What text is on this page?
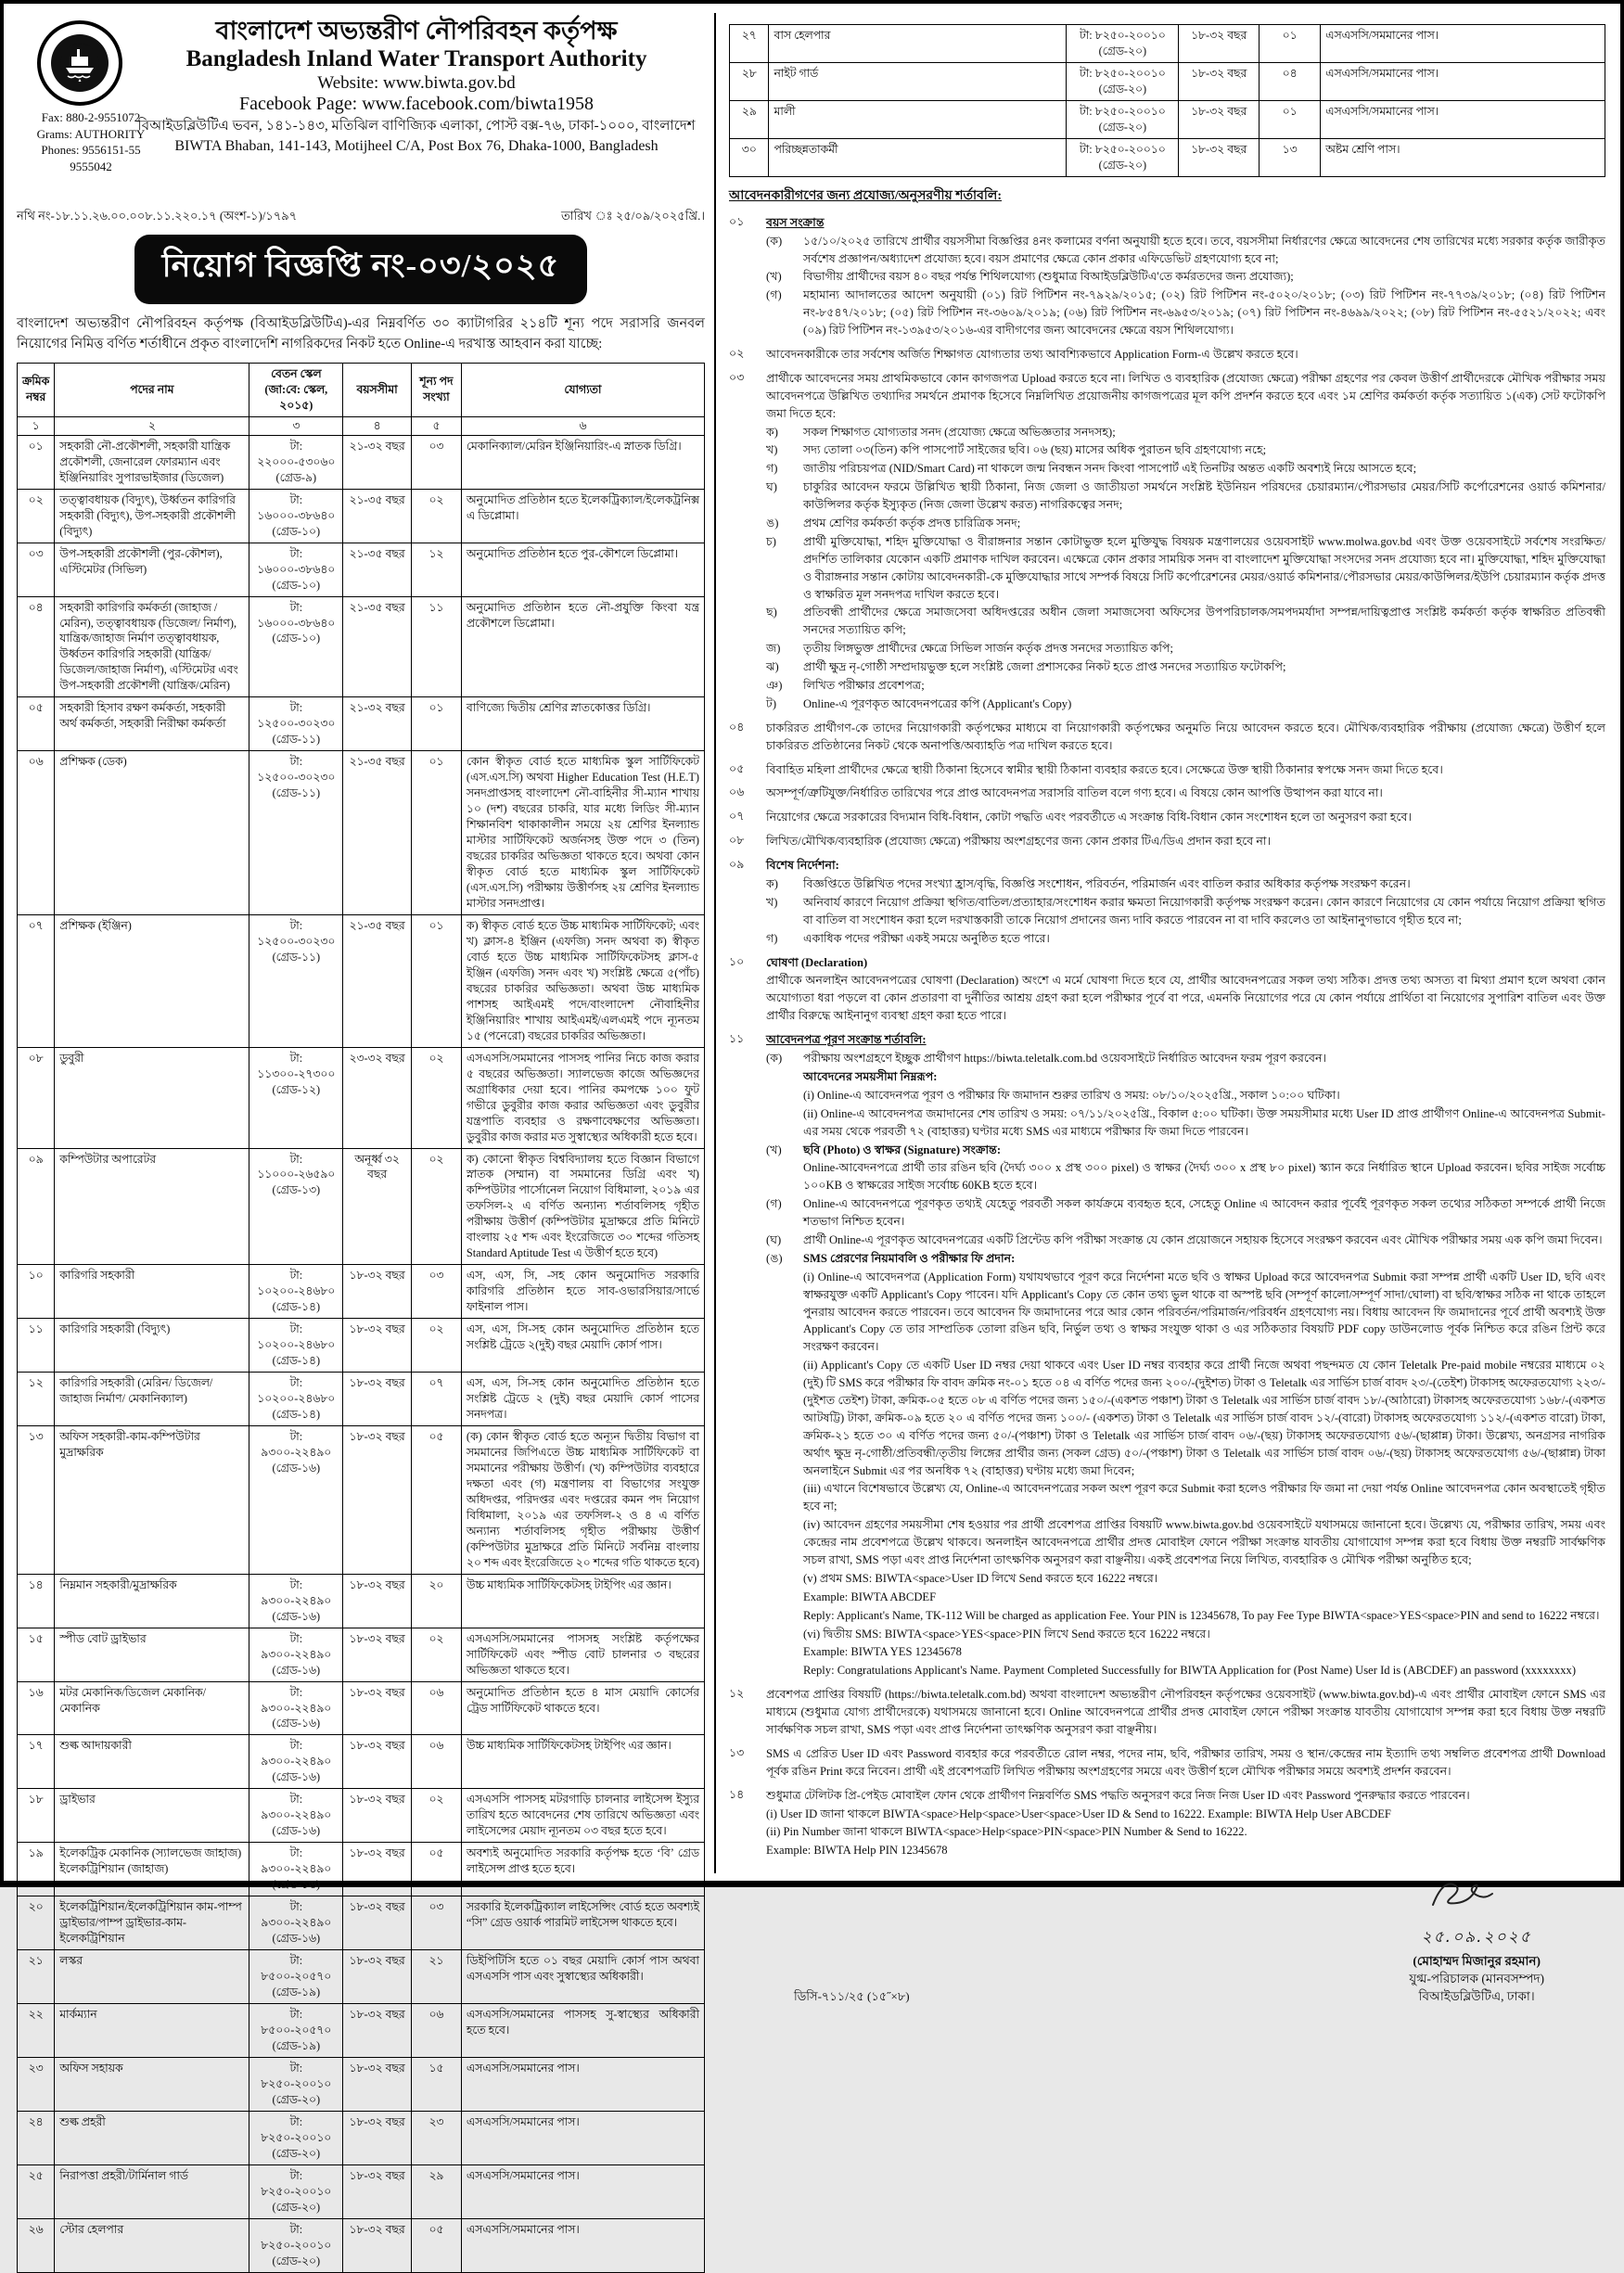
Fax: 880-2-9551072
Grams: AUTHORITY
Phones: 9556151-55
9555042
বাংলাদেশ অভ্যন্তরীণ নৌপরিবহন কর্তৃপক্ষ
Bangladesh Inland Water Transport Authority
Website: www.biwta.gov.bd
Facebook Page: www.facebook.com/biwta1958
বিআইডব্লিউটিএ ভবন, ১৪১-১৪৩, মতিঝিল বাণিজ্যিক এলাকা, পোস্ট বক্স-৭৬, ঢাকা-১০০০, বাংলাদেশ
BIWTA Bhaban, 141-143, Motijheel C/A, Post Box 76, Dhaka-1000, Bangladesh
নথি নং-১৮.১১.২৬.০০.০০৮.১১.২২০.১৭ (অংশ-১)/১৭৯৭	তারিখ ঃ ২৫/০৯/২০২৫খ্রি.।
নিয়োগ বিজ্ঞপ্তি নং-০৩/২০২৫
বাংলাদেশ অভ্যন্তরীণ নৌপরিবহন কর্তৃপক্ষ (বিআইডব্লিউটিএ)-এর নিম্নবর্ণিত ৩০ ক্যাটাগরির ২১৪টি শূন্য পদে সরাসরি জনবল নিয়োগের নিমিত্ত বর্ণিত শর্তাধীনে প্রকৃত বাংলাদেশি নাগরিকদের নিকট হতে Online-এ দরখাস্ত আহবান করা যাচ্ছে:
ক্রমিক নম্বর	পদের নাম	বেতন স্কেল (জা:বে: স্কেল, ২০১৫)	বয়সসীমা	শূন্য পদ সংখ্যা	যোগ্যতা
১	২	৩	৪	৫	৬
০১	সহকারী নৌ-প্রকৌশলী, সহকারী যান্ত্রিক প্রকৌশলী, জেনারেল ফোরম্যান এবং ইঞ্জিনিয়ারিং সুপারভাইজার (ডিজেল)	টা: ২২০০০-৫৩০৬০
(গ্রেড-৯)	২১-৩২ বছর	০৩	মেকানিক্যাল/মেরিন ইঞ্জিনিয়ারিং-এ স্নাতক ডিগ্রি।
০২	তত্ত্বাবধায়ক (বিদ্যুৎ), উর্ধ্বতন কারিগরি সহকারী (বিদ্যুৎ), উপ-সহকারী প্রকৌশলী (বিদ্যুৎ)	টা: ১৬০০০-৩৮৬৪০
(গ্রেড-১০)	২১-৩৫ বছর	০২	অনুমোদিত প্রতিষ্ঠান হতে ইলেকট্রিক্যাল/ইলেকট্রনিক্স এ ডিপ্লোমা।
০৩	উপ-সহকারী প্রকৌশলী (পুর-কৌশল), এস্টিমেটর (সিভিল)	টা: ১৬০০০-৩৮৬৪০
(গ্রেড-১০)	২১-৩৫ বছর	১২	অনুমোদিত প্রতিষ্ঠান হতে পুর-কৌশলে ডিপ্লোমা।
০৪	সহকারী কারিগরি কর্মকর্তা (জাহাজ /মেরিন), তত্ত্বাবধায়ক (ডিজেল/ নির্মাণ), যান্ত্রিক/জাহাজ নির্মাণ তত্ত্বাবধায়ক, উর্ধ্বতন কারিগরি সহকারী (যান্ত্রিক/ডিজেল/জাহাজ নির্মাণ), এস্টিমেটর এবং উপ-সহকারী প্রকৌশলী (যান্ত্রিক/মেরিন)	টা: ১৬০০০-৩৮৬৪০
(গ্রেড-১০)	২১-৩৫ বছর	১১	অনুমোদিত প্রতিষ্ঠান হতে নৌ-প্রযুক্তি কিংবা যন্ত্র প্রকৌশলে ডিপ্লোমা।
০৫	সহকারী হিসাব রক্ষণ কর্মকর্তা, সহকারী অর্থ কর্মকর্তা, সহকারী নিরীক্ষা কর্মকর্তা	টা: ১২৫০০-৩০২৩০
(গ্রেড-১১)	২১-৩২ বছর	০১	বাণিজ্যে দ্বিতীয় শ্রেণির স্নাতকোত্তর ডিগ্রি।
০৬	প্রশিক্ষক (ডেক)	টা: ১২৫০০-৩০২৩০
(গ্রেড-১১)	২১-৩৫ বছর	০১	কোন স্বীকৃত বোর্ড হতে মাধ্যমিক স্কুল সার্টিফিকেট (এস.এস.সি) অথবা Higher Education Test (H.E.T) সনদপ্রাপ্তসহ বাংলাদেশ নৌ-বাহিনীর সী-ম্যান শাখায় ১০ (দশ) বছরের চাকরি, যার মধ্যে লিডিং সী-ম্যান শিক্ষানবিশ থাকাকালীন সময়ে ২য় শ্রেণির ইনল্যান্ড মাস্টার সার্টিফিকেট অর্জনসহ উক্ত পদে ৩ (তিন) বছরের চাকরির অভিজ্ঞতা থাকতে হবে। অথবা কোন স্বীকৃত বোর্ড হতে মাধ্যমিক স্কুল সার্টিফিকেট (এস.এস.সি) পরীক্ষায় উত্তীর্ণসহ ২য় শ্রেণির ইনল্যান্ড মাস্টার সনদপ্রাপ্ত।
০৭	প্রশিক্ষক (ইঞ্জিন)	টা: ১২৫০০-৩০২৩০
(গ্রেড-১১)	২১-৩৫ বছর	০১	ক) স্বীকৃত বোর্ড হতে উচ্চ মাধ্যমিক সার্টিফিকেট; এবং খ) ক্লাস-৪ ইঞ্জিন (এফজি) সনদ অথবা ক) স্বীকৃত বোর্ড হতে উচ্চ মাধ্যমিক সার্টিফিকেটসহ ক্লাস-৫ ইঞ্জিন (এফজি) সনদ এবং খ) সংশ্লিষ্ট ক্ষেত্রে ৫(পাঁচ) বছরের চাকরির অভিজ্ঞতা। অথবা উচ্চ মাধ্যমিক পাশসহ আইএমই পদে/বাংলাদেশ নৌবাহিনীর ইঞ্জিনিয়ারিং শাখায় আইএমই/এলএমই পদে ন্যূনতম ১৫ (পনেরো) বছরের চাকরির অভিজ্ঞতা।
০৮	ডুবুরী	টা: ১১৩০০-২৭৩০০
(গ্রেড-১২)	২৩-৩২ বছর	০২	এসএসসি/সমমানের পাসসহ পানির নিচে কাজ করার ৫ বছরের অভিজ্ঞতা। স্যালভেজ কাজে অভিজ্ঞদের অগ্রাধিকার দেয়া হবে। পানির কমপক্ষে ১০০ ফুট গভীরে ডুবুরীর কাজ করার অভিজ্ঞতা এবং ডুবুরীর যন্ত্রপাতি ব্যবহার ও রক্ষণাবেক্ষণের অভিজ্ঞতা। ডুবুরীর কাজ করার মত সুস্বাস্থ্যের অধিকারী হতে হবে।
০৯	কম্পিউটার অপারেটর	টা: ১১০০০-২৬৫৯০
(গ্রেড-১৩)	অনূর্ধ্ব ৩২ বছর	০২	ক) কোনো স্বীকৃত বিশ্ববিদ্যালয় হতে বিজ্ঞান বিভাগে স্নাতক (সম্মান) বা সমমানের ডিগ্রি এবং খ) কম্পিউটার পার্সোনেল নিয়োগ বিধিমালা, ২০১৯ এর তফসিল-২ এ বর্ণিত অন্যান্য শর্তাবলিসহ গৃহীত পরীক্ষায় উত্তীর্ণ (কম্পিউটার মুদ্রাক্ষরে প্রতি মিনিটে বাংলায় ২৫ শব্দ এবং ইংরেজিতে ৩০ শব্দের গতিসহ Standard Aptitude Test এ উত্তীর্ণ হতে হবে)
১০	কারিগরি সহকারী	টা: ১০২০০-২৪৬৮০
(গ্রেড-১৪)	১৮-৩২ বছর	০৩	এস, এস, সি, -সহ কোন অনুমোদিত সরকারি কারিগরি প্রতিষ্ঠান হতে সাব-ওভারসিয়ার/সার্ভে ফাইনাল পাস।
১১	কারিগরি সহকারী (বিদ্যুৎ)	টা: ১০২০০-২৪৬৮০
(গ্রেড-১৪)	১৮-৩২ বছর	০২	এস, এস, সি-সহ কোন অনুমোদিত প্রতিষ্ঠান হতে সংশ্লিষ্ট ট্রেডে ২(দুই) বছর মেয়াদি কোর্স পাস।
১২	কারিগরি সহকারী (মেরিন/ ডিজেল/জাহাজ নির্মাণ/ মেকানিক্যাল)	টা: ১০২০০-২৪৬৮০
(গ্রেড-১৪)	১৮-৩২ বছর	০৭	এস, এস, সি-সহ কোন অনুমোদিত প্রতিষ্ঠান হতে সংশ্লিষ্ট ট্রেডে ২ (দুই) বছর মেয়াদি কোর্স পাসের সনদপত্র।
১৩	অফিস সহকারী-কাম-কম্পিউটার মুদ্রাক্ষরিক	টা: ৯৩০০-২২৪৯০
(গ্রেড-১৬)	১৮-৩২ বছর	০৫	(ক) কোন স্বীকৃত বোর্ড হতে অন্যূন দ্বিতীয় বিভাগ বা সমমানের জিপিএতে উচ্চ মাধ্যমিক সার্টিফিকেট বা সমমানের পরীক্ষায় উত্তীর্ণ। (খ) কম্পিউটার ব্যবহারে দক্ষতা এবং (গ) মন্ত্রণালয় বা বিভাগের সংযুক্ত অধিদপ্তর, পরিদপ্তর এবং দপ্তরের কমন পদ নিয়োগ বিধিমালা, ২০১৯ এর তফসিল-২ ও ৪ এ বর্ণিত অন্যান্য শর্তাবলিসহ গৃহীত পরীক্ষায় উত্তীর্ণ (কম্পিউটার মুদ্রাক্ষরে প্রতি মিনিটে সর্বনিম্ন বাংলায় ২০ শব্দ এবং ইংরেজিতে ২০ শব্দের গতি থাকতে হবে)
১৪	নিম্নমান সহকারী/মুদ্রাক্ষরিক	টা: ৯৩০০-২২৪৯০
(গ্রেড-১৬)	১৮-৩২ বছর	২০	উচ্চ মাধ্যমিক সার্টিফিকেটসহ টাইপিং এর জ্ঞান।
১৫	স্পীড বোট ড্রাইভার	টা: ৯৩০০-২২৪৯০
(গ্রেড-১৬)	১৮-৩২ বছর	০২	এসএসসি/সমমানের পাসসহ সংশ্লিষ্ট কর্তৃপক্ষের সার্টিফিকেট এবং স্পীড বোট চালনার ৩ বছরের অভিজ্ঞতা থাকতে হবে।
১৬	মটর মেকানিক/ডিজেল মেকানিক/মেকানিক	টা: ৯৩০০-২২৪৯০
(গ্রেড-১৬)	১৮-৩২ বছর	০৬	অনুমোদিত প্রতিষ্ঠান হতে ৪ মাস মেয়াদি কোর্সের ট্রেড সার্টিফিকেট থাকতে হবে।
১৭	শুল্ক আদায়কারী	টা: ৯৩০০-২২৪৯০
(গ্রেড-১৬)	১৮-৩২ বছর	০৬	উচ্চ মাধ্যমিক সার্টিফিকেটসহ টাইপিং এর জ্ঞান।
১৮	ড্রাইভার	টা: ৯৩০০-২২৪৯০
(গ্রেড-১৬)	১৮-৩২ বছর	০২	এসএসসি পাসসহ মটরগাড়ি চালনার লাইসেন্স ইস্যুর তারিখ হতে আবেদনের শেষ তারিখে অভিজ্ঞতা এবং লাইসেন্সের মেয়াদ ন্যূনতম ০৩ বছর হতে হবে।
১৯	ইলেকট্রিক মেকানিক (স্যালভেজ জাহাজ) ইলেকট্রিশিয়ান (জাহাজ)	টা: ৯৩০০-২২৪৯০
(গ্রেড-১৬)	১৮-৩২ বছর	০৫	অবশ্যই অনুমোদিত সরকারি কর্তৃপক্ষ হতে ‘বি’ গ্রেড লাইসেন্স প্রাপ্ত হতে হবে।
২০	ইলেকট্রিশিয়ান/ইলেকট্রিশিয়ান কাম-পাম্প ড্রাইভার/পাম্প ড্রাইভার-কাম-ইলেকট্রিশিয়ান	টা: ৯৩০০-২২৪৯০
(গ্রেড-১৬)	১৮-৩২ বছর	০৩	সরকারি ইলেকট্রিক্যাল লাইসেন্সিং বোর্ড হতে অবশ্যই “সি” গ্রেড ওয়ার্ক পারমিট লাইসেন্স থাকতে হবে।
২১	লস্কর	টা: ৮৫০০-২০৫৭০
(গ্রেড-১৯)	১৮-৩২ বছর	২১	ডিইপিটিসি হতে ০১ বছর মেয়াদি কোর্স পাস অথবা এসএসসি পাস এবং সুস্বাস্থ্যের অধিকারী।
২২	মার্কম্যান	টা: ৮৫০০-২০৫৭০
(গ্রেড-১৯)	১৮-৩২ বছর	০৬	এসএসসি/সমমানের পাসসহ সু-স্বাস্থ্যের অধিকারী হতে হবে।
২৩	অফিস সহায়ক	টা: ৮২৫০-২০০১০
(গ্রেড-২০)	১৮-৩২ বছর	১৫	এসএসসি/সমমানের পাস।
২৪	শুল্ক প্রহরী	টা: ৮২৫০-২০০১০
(গ্রেড-২০)	১৮-৩২ বছর	২৩	এসএসসি/সমমানের পাস।
২৫	নিরাপত্তা প্রহরী/টার্মিনাল গার্ড	টা: ৮২৫০-২০০১০
(গ্রেড-২০)	১৮-৩২ বছর	২৯	এসএসসি/সমমানের পাস।
২৬	স্টোর হেলপার	টা: ৮২৫০-২০০১০
(গ্রেড-২০)	১৮-৩২ বছর	০৫	এসএসসি/সমমানের পাস।
২৭	বাস হেলপার	টা: ৮২৫০-২০০১০
(গ্রেড-২০)	১৮-৩২ বছর	০১	এসএসসি/সমমানের পাস।
২৮	নাইট গার্ড	টা: ৮২৫০-২০০১০
(গ্রেড-২০)	১৮-৩২ বছর	০৪	এসএসসি/সমমানের পাস।
২৯	মালী	টা: ৮২৫০-২০০১০
(গ্রেড-২০)	১৮-৩২ বছর	০১	এসএসসি/সমমানের পাস।
৩০	পরিচ্ছন্নতাকর্মী	টা: ৮২৫০-২০০১০
(গ্রেড-২০)	১৮-৩২ বছর	১৩	অষ্টম শ্রেণি পাস।
আবেদনকারীগণের জন্য প্রযোজ্য/অনুসরণীয় শর্তাবলি:
০১	বয়স সংক্রান্ত
(ক)	১৫/১০/২০২৫ তারিখে প্রার্থীর বয়সসীমা বিজ্ঞপ্তির ৪নং কলামের বর্ণনা অনুযায়ী হতে হবে। তবে, বয়সসীমা নির্ধারণের ক্ষেত্রে আবেদনের শেষ তারিখের মধ্যে সরকার কর্তৃক জারীকৃত সর্বশেষ প্রজ্ঞাপন/অধ্যাদেশ প্রযোজ্য হবে। বয়স প্রমাণের ক্ষেত্রে কোন প্রকার এফিডেভিট গ্রহণযোগ্য হবে না;
(খ)	বিভাগীয় প্রার্থীদের বয়স ৪০ বছর পর্যন্ত শিথিলযোগ্য (শুধুমাত্র বিআইডব্লিউটিএ'তে কর্মরতদের জন্য প্রযোজ্য);
(গ)	মহামান্য আদালতের আদেশ অনুযায়ী (০১) রিট পিটিশন নং-৭৯২৯/২০১৫; (০২) রিট পিটিশন নং-৫০২০/২০১৮; (০৩) রিট পিটিশন নং-৭৭৩৯/২০১৮; (০৪) রিট পিটিশন নং-৮৫৪৭/২০১৮; (০৫) রিট পিটিশন নং-৩৬০৯/২০১৯; (০৬) রিট পিটিশন নং-৬৯৫৩/২০১৯; (০৭) রিট পিটিশন নং-৪৬৯৯/২০২২; (০৮) রিট পিটিশন নং-৫৫২১/২০২২; এবং (০৯) রিট পিটিশন নং-১৩৯৫৩/২০১৬-এর বাদীগণের জন্য আবেদনের ক্ষেত্রে বয়স শিথিলযোগ্য।
০২	আবেদনকারীকে তার সর্বশেষ অর্জিত শিক্ষাগত যোগ্যতার তথ্য আবশ্যিকভাবে Application Form-এ উল্লেখ করতে হবে।
০৩	প্রার্থীকে আবেদনের সময় প্রাথমিকভাবে কোন কাগজপত্র Upload করতে হবে না। লিখিত ও ব্যবহারিক (প্রযোজ্য ক্ষেত্রে) পরীক্ষা গ্রহণের পর কেবল উত্তীর্ণ প্রার্থীদেরকে মৌখিক পরীক্ষার সময় আবেদনপত্রে উল্লিখিত তথ্যাদির সমর্থনে প্রমাণক হিসেবে নিম্নলিখিত প্রয়োজনীয় কাগজপত্রের মূল কপি প্রদর্শন করতে হবে এবং ১ম শ্রেণির কর্মকর্তা কর্তৃক সত্যায়িত ১(এক) সেট ফটোকপি জমা দিতে হবে:
ক)	সকল শিক্ষাগত যোগ্যতার সনদ (প্রযোজ্য ক্ষেত্রে অভিজ্ঞতার সনদসহ);
খ)	সদ্য তোলা ০৩(তিন) কপি পাসপোর্ট সাইজের ছবি। ০৬ (ছয়) মাসের অধিক পুরাতন ছবি গ্রহণযোগ্য নহে;
গ)	জাতীয় পরিচয়পত্র (NID/Smart Card) না থাকলে জন্ম নিবন্ধন সনদ কিংবা পাসপোর্ট এই তিনটির অন্তত একটি অবশ্যই নিয়ে আসতে হবে;
ঘ)	চাকুরির আবেদন ফরমে উল্লিখিত স্থায়ী ঠিকানা, নিজ জেলা ও জাতীয়তা সমর্থনে সংশ্লিষ্ট ইউনিয়ন পরিষদের চেয়ারম্যান/পৌরসভার মেয়র/সিটি কর্পোরেশনের ওয়ার্ড কমিশনার/কাউন্সিলর কর্তৃক ইস্যুকৃত (নিজ জেলা উল্লেখ করত) নাগরিকত্বের সনদ;
ঙ)	প্রথম শ্রেণির কর্মকর্তা কর্তৃক প্রদত্ত চারিত্রিক সনদ;
চ)	প্রার্থী মুক্তিযোদ্ধা, শহিদ মুক্তিযোদ্ধা ও বীরাঙ্গনার সন্তান কোটাভুক্ত হলে মুক্তিযুদ্ধ বিষয়ক মন্ত্রণালয়ের ওয়েবসাইট www.molwa.gov.bd এবং উক্ত ওয়েবসাইটে সর্বশেষ সংরক্ষিত/প্রদর্শিত তালিকার যেকোন একটি প্রমাণক দাখিল করবেন। এক্ষেত্রে কোন প্রকার সাময়িক সনদ বা বাংলাদেশ মুক্তিযোদ্ধা সংসদের সনদ প্রযোজ্য হবে না। মুক্তিযোদ্ধা, শহিদ মুক্তিযোদ্ধা ও বীরাঙ্গনার সন্তান কোটায় আবেদনকারী-কে মুক্তিযোদ্ধার সাথে সম্পর্ক বিষয়ে সিটি কর্পোরেশনের মেয়র/ওয়ার্ড কমিশনার/পৌরসভার মেয়র/কাউন্সিলর/ইউপি চেয়ারম্যান কর্তৃক প্রদত্ত ও স্বাক্ষরিত মূল সনদপত্র দাখিল করতে হবে।
ছ)	প্রতিবন্ধী প্রার্থীদের ক্ষেত্রে সমাজসেবা অধিদপ্তরের অধীন জেলা সমাজসেবা অফিসের উপপরিচালক/সমপদমর্যাদা সম্পন্ন/দায়িত্বপ্রাপ্ত সংশ্লিষ্ট কর্মকর্তা কর্তৃক স্বাক্ষরিত প্রতিবন্ধী সনদের সত্যায়িত কপি;
জ)	তৃতীয় লিঙ্গভুক্ত প্রার্থীদের ক্ষেত্রে সিভিল সার্জন কর্তৃক প্রদত্ত সনদের সত্যায়িত কপি;
ঝ)	প্রার্থী ক্ষুদ্র নৃ-গোষ্ঠী সম্প্রদায়ভুক্ত হলে সংশ্লিষ্ট জেলা প্রশাসকের নিকট হতে প্রাপ্ত সনদের সত্যায়িত ফটোকপি;
ঞ)	লিখিত পরীক্ষার প্রবেশপত্র;
ট)	Online-এ পূরণকৃত আবেদনপত্রের কপি (Applicant's Copy)
০৪	চাকরিরত প্রার্থীগণ-কে তাদের নিয়োগকারী কর্তৃপক্ষের মাধ্যমে বা নিয়োগকারী কর্তৃপক্ষের অনুমতি নিয়ে আবেদন করতে হবে। মৌখিক/ব্যবহারিক পরীক্ষায় (প্রযোজ্য ক্ষেত্রে) উত্তীর্ণ হলে চাকরিরত প্রতিষ্ঠানের নিকট থেকে অনাপত্তি/অব্যাহতি পত্র দাখিল করতে হবে।
০৫	বিবাহিত মহিলা প্রার্থীদের ক্ষেত্রে স্থায়ী ঠিকানা হিসেবে স্বামীর স্থায়ী ঠিকানা ব্যবহার করতে হবে। সেক্ষেত্রে উক্ত স্থায়ী ঠিকানার স্বপক্ষে সনদ জমা দিতে হবে।
০৬	অসম্পূর্ণ/ত্রুটিযুক্ত/নির্ধারিত তারিখের পরে প্রাপ্ত আবেদনপত্র সরাসরি বাতিল বলে গণ্য হবে। এ বিষয়ে কোন আপত্তি উত্থাপন করা যাবে না।
০৭	নিয়োগের ক্ষেত্রে সরকারের বিদ্যমান বিধি-বিধান, কোটা পদ্ধতি এবং পরবর্তীতে এ সংক্রান্ত বিধি-বিধান কোন সংশোধন হলে তা অনুসরণ করা হবে।
০৮	লিখিত/মৌখিক/ব্যবহারিক (প্রযোজ্য ক্ষেত্রে) পরীক্ষায় অংশগ্রহণের জন্য কোন প্রকার টিএ/ডিএ প্রদান করা হবে না।
০৯	বিশেষ নির্দেশনা:
ক)	বিজ্ঞপ্তিতে উল্লিখিত পদের সংখ্যা হ্রাস/বৃদ্ধি, বিজ্ঞপ্তি সংশোধন, পরিবর্তন, পরিমার্জন এবং বাতিল করার অধিকার কর্তৃপক্ষ সংরক্ষণ করেন।
খ)	অনিবার্য কারণে নিয়োগ প্রক্রিয়া স্থগিত/বাতিল/প্রত্যাহার/সংশোধন করার ক্ষমতা নিয়োগকারী কর্তৃপক্ষ সংরক্ষণ করেন। কোন কারণে নিয়োগের যে কোন পর্যায়ে নিয়োগ প্রক্রিয়া স্থগিত বা বাতিল বা সংশোধন করা হলে দরখাস্তকারী তাকে নিয়োগ প্রদানের জন্য দাবি করতে পারবেন না বা দাবি করলেও তা আইনানুগভাবে গৃহীত হবে না;
গ)	একাধিক পদের পরীক্ষা একই সময়ে অনুষ্ঠিত হতে পারে।
১০	ঘোষণা (Declaration)
প্রার্থীকে অনলাইন আবেদনপত্রের ঘোষণা (Declaration) অংশে এ মর্মে ঘোষণা দিতে হবে যে, প্রার্থীর আবেদনপত্রের সকল তথ্য সঠিক। প্রদত্ত তথ্য অসত্য বা মিথ্যা প্রমাণ হলে অথবা কোন অযোগ্যতা ধরা পড়লে বা কোন প্রতারণা বা দুর্নীতির আশ্রয় গ্রহণ করা হলে পরীক্ষার পূর্বে বা পরে, এমনকি নিয়োগের পরে যে কোন পর্যায়ে প্রার্থিতা বা নিয়োগের সুপারিশ বাতিল এবং উক্ত প্রার্থীর বিরুদ্ধে আইনানুগ ব্যবস্থা গ্রহণ করা হতে পারে।
১১	আবেদনপত্র পূরণ সংক্রান্ত শর্তাবলি:
(ক)	পরীক্ষায় অংশগ্রহণে ইচ্ছুক প্রার্থীগণ https://biwta.teletalk.com.bd ওয়েবসাইটে নির্ধারিত আবেদন ফরম পূরণ করবেন।
আবেদনের সময়সীমা নিম্নরূপ:
(i) Online-এ আবেদনপত্র পূরণ ও পরীক্ষার ফি জমাদান শুরুর তারিখ ও সময়: ০৮/১০/২০২৫খ্রি., সকাল ১০:০০ ঘটিকা।
(ii) Online-এ আবেদনপত্র জমাদানের শেষ তারিখ ও সময়: ০৭/১১/২০২৫খ্রি., বিকাল ৫:০০ ঘটিকা। উক্ত সময়সীমার মধ্যে User ID প্রাপ্ত প্রার্থীগণ Online-এ আবেদনপত্র Submit-এর সময় থেকে পরবর্তী ৭২ (বাহাত্তর) ঘণ্টার মধ্যে SMS এর মাধ্যমে পরীক্ষার ফি জমা দিতে পারবেন।
(খ)	ছবি (Photo) ও স্বাক্ষর (Signature) সংক্রান্ত:
Online-আবেদনপত্রে প্রার্থী তার রঙিন ছবি (দৈর্ঘ্য ৩০০ x প্রস্থ ৩০০ pixel) ও স্বাক্ষর (দৈর্ঘ্য ৩০০ x প্রস্থ ৮০ pixel) স্ক্যান করে নির্ধারিত স্থানে Upload করবেন। ছবির সাইজ সর্বোচ্চ ১০০KB ও স্বাক্ষরের সাইজ সর্বোচ্চ 60KB হতে হবে।
(গ)	Online-এ আবেদনপত্রে পূরণকৃত তথ্যই যেহেতু পরবর্তী সকল কার্যক্রমে ব্যবহৃত হবে, সেহেতু Online এ আবেদন করার পূর্বেই পূরণকৃত সকল তথ্যের সঠিকতা সম্পর্কে প্রার্থী নিজে শতভাগ নিশ্চিত হবেন।
(ঘ)	প্রার্থী Online-এ পূরণকৃত আবেদনপত্রের একটি প্রিন্টেড কপি পরীক্ষা সংক্রান্ত যে কোন প্রয়োজনে সহায়ক হিসেবে সংরক্ষণ করবেন এবং মৌখিক পরীক্ষার সময় এক কপি জমা দিবেন।
(ঙ)	SMS প্রেরণের নিয়মাবলি ও পরীক্ষার ফি প্রদান:
(i) Online-এ আবেদনপত্র (Application Form) যথাযথভাবে পূরণ করে নির্দেশনা মতে ছবি ও স্বাক্ষর Upload করে আবেদনপত্র Submit করা সম্পন্ন প্রার্থী একটি User ID, ছবি এবং স্বাক্ষরযুক্ত একটি Applicant's Copy পাবেন। যদি Applicant's Copy তে কোন তথ্য ভুল থাকে বা অস্পষ্ট ছবি (সম্পূর্ণ কালো/সম্পূর্ণ সাদা/ঘোলা) বা ছবি/স্বাক্ষর সঠিক না থাকে তাহলে পুনরায় আবেদন করতে পারবেন। তবে আবেদন ফি জমাদানের পরে আর কোন পরিবর্তন/পরিমার্জন/পরিবর্ধন গ্রহণযোগ্য নয়। বিধায় আবেদন ফি জমাদানের পূর্বে প্রার্থী অবশ্যই উক্ত Applicant's Copy তে তার সাম্প্রতিক তোলা রঙিন ছবি, নির্ভুল তথ্য ও স্বাক্ষর সংযুক্ত থাকা ও এর সঠিকতার বিষয়টি PDF copy ডাউনলোড পূর্বক নিশ্চিত করে রঙিন প্রিন্ট করে সংরক্ষণ করবেন।
(ii) Applicant's Copy তে একটি User ID নম্বর দেয়া থাকবে এবং User ID নম্বর ব্যবহার করে প্রার্থী নিজে অথবা পছন্দমত যে কোন Teletalk Pre-paid mobile নম্বরের মাধ্যমে ০২ (দুই) টি SMS করে পরীক্ষার ফি বাবদ ক্রমিক নং-০১ হতে ০৪ এ বর্ণিত পদের জন্য ২০০/-(দুইশত) টাকা ও Teletalk এর সার্ভিস চার্জ বাবদ ২৩/-(তেইশ) টাকাসহ অফেরতযোগ্য ২২৩/- (দুইশত তেইশ) টাকা, ক্রমিক-০৫ হতে ০৮ এ বর্ণিত পদের জন্য ১৫০/-(একশত পঞ্চাশ) টাকা ও Teletalk এর সার্ভিস চার্জ বাবদ ১৮/-(আঠারো) টাকাসহ অফেরতযোগ্য ১৬৮/-(একশত আটষট্টি) টাকা, ক্রমিক-০৯ হতে ২০ এ বর্ণিত পদের জন্য ১০০/- (একশত) টাকা ও Teletalk এর সার্ভিস চার্জ বাবদ ১২/-(বারো) টাকাসহ অফেরতযোগ্য ১১২/-(একশত বারো) টাকা, ক্রমিক-২১ হতে ৩০ এ বর্ণিত পদের জন্য ৫০/-(পঞ্চাশ) টাকা ও Teletalk এর সার্ভিস চার্জ বাবদ ০৬/-(ছয়) টাকাসহ অফেরতযোগ্য ৫৬/-(ছাপ্পান্ন) টাকা। উল্লেখ্য, অনগ্রসর নাগরিক অর্থাৎ ক্ষুদ্র নৃ-গোষ্ঠী/প্রতিবন্ধী/তৃতীয় লিঙ্গের প্রার্থীর জন্য (সকল গ্রেড) ৫০/-(পঞ্চাশ) টাকা ও Teletalk এর সার্ভিস চার্জ বাবদ ০৬/-(ছয়) টাকাসহ অফেরতযোগ্য ৫৬/-(ছাপ্পান্ন) টাকা অনলাইনে Submit এর পর অনধিক ৭২ (বাহাত্তর) ঘণ্টায় মধ্যে জমা দিবেন;
(iii) এখানে বিশেষভাবে উল্লেখ্য যে, Online-এ আবেদনপত্রের সকল অংশ পূরণ করে Submit করা হলেও পরীক্ষার ফি জমা না দেয়া পর্যন্ত Online আবেদনপত্র কোন অবস্থাতেই গৃহীত হবে না;
(iv) আবেদন গ্রহণের সময়সীমা শেষ হওয়ার পর প্রার্থী প্রবেশপত্র প্রাপ্তির বিষয়টি www.biwta.gov.bd ওয়েবসাইটে যথাসময়ে জানানো হবে। উল্লেখ্য যে, পরীক্ষার তারিখ, সময় এবং কেন্দ্রের নাম প্রবেশপত্রে উল্লেখ থাকবে। অনলাইন আবেদনপত্রে প্রার্থীর প্রদত্ত মোবাইল ফোনে পরীক্ষা সংক্রান্ত যাবতীয় যোগাযোগ সম্পন্ন করা হবে বিধায় উক্ত নম্বরটি সার্বক্ষণিক সচল রাখা, SMS পড়া এবং প্রাপ্ত নির্দেশনা তাৎক্ষণিক অনুসরণ করা বাঞ্ছনীয়। একই প্রবেশপত্র নিয়ে লিখিত, ব্যবহারিক ও মৌখিক পরীক্ষা অনুষ্ঠিত হবে;
(v) প্রথম SMS: BIWTA<space>User ID লিখে Send করতে হবে 16222 নম্বরে।
Example: BIWTA ABCDEF
Reply: Applicant's Name, TK-112 Will be charged as application Fee. Your PIN is 12345678, To pay Fee Type BIWTA<space>YES<space>PIN and send to 16222 নম্বরে।
(vi) দ্বিতীয় SMS: BIWTA<space>YES<space>PIN লিখে Send করতে হবে 16222 নম্বরে।
Example: BIWTA YES 12345678
Reply: Congratulations Applicant's Name. Payment Completed Successfully for BIWTA Application for (Post Name) User Id is (ABCDEF) an password (xxxxxxxx)
১২	প্রবেশপত্র প্রাপ্তির বিষয়টি (https://biwta.teletalk.com.bd) অথবা বাংলাদেশ অভ্যন্তরীণ নৌপরিবহন কর্তৃপক্ষের ওয়েবসাইট (www.biwta.gov.bd)-এ এবং প্রার্থীর মোবাইল ফোনে SMS এর মাধ্যমে (শুধুমাত্র যোগ্য প্রার্থীদেরকে) যথাসময়ে জানানো হবে। Online আবেদনপত্রে প্রার্থীর প্রদত্ত মোবাইল ফোনে পরীক্ষা সংক্রান্ত যাবতীয় যোগাযোগ সম্পন্ন করা হবে বিধায় উক্ত নম্বরটি সার্বক্ষণিক সচল রাখা, SMS পড়া এবং প্রাপ্ত নির্দেশনা তাৎক্ষণিক অনুসরণ করা বাঞ্ছনীয়।
১৩	SMS এ প্রেরিত User ID এবং Password ব্যবহার করে পরবর্তীতে রোল নম্বর, পদের নাম, ছবি, পরীক্ষার তারিখ, সময় ও স্থান/কেন্দ্রের নাম ইত্যাদি তথ্য সম্বলিত প্রবেশপত্র প্রার্থী Download পূর্বক রঙিন Print করে নিবেন। প্রার্থী এই প্রবেশপত্রটি লিখিত পরীক্ষায় অংশগ্রহণের সময়ে এবং উত্তীর্ণ হলে মৌখিক পরীক্ষার সময়ে অবশ্যই প্রদর্শন করবেন।
১৪	শুধুমাত্র টেলিটক প্রি-পেইড মোবাইল ফোন থেকে প্রার্থীগণ নিম্নবর্ণিত SMS পদ্ধতি অনুসরণ করে নিজ নিজ User ID এবং Password পুনরুদ্ধার করতে পারবেন।
(i) User ID জানা থাকলে BIWTA<space>Help<space>User<space>User ID & Send to 16222. Example: BIWTA Help User ABCDEF
(ii) Pin Number জানা থাকলে BIWTA<space>Help<space>PIN<space>PIN Number & Send to 16222.
Example: BIWTA Help PIN 12345678
ডিসি-৭১১/২৫ (১৫˝×৮)
২৫.০৯.২০২৫
(মোহাম্মদ মিজানুর রহমান)
যুগ্ম-পরিচালক (মানবসম্পদ)
বিআইডব্লিউটিএ, ঢাকা।
